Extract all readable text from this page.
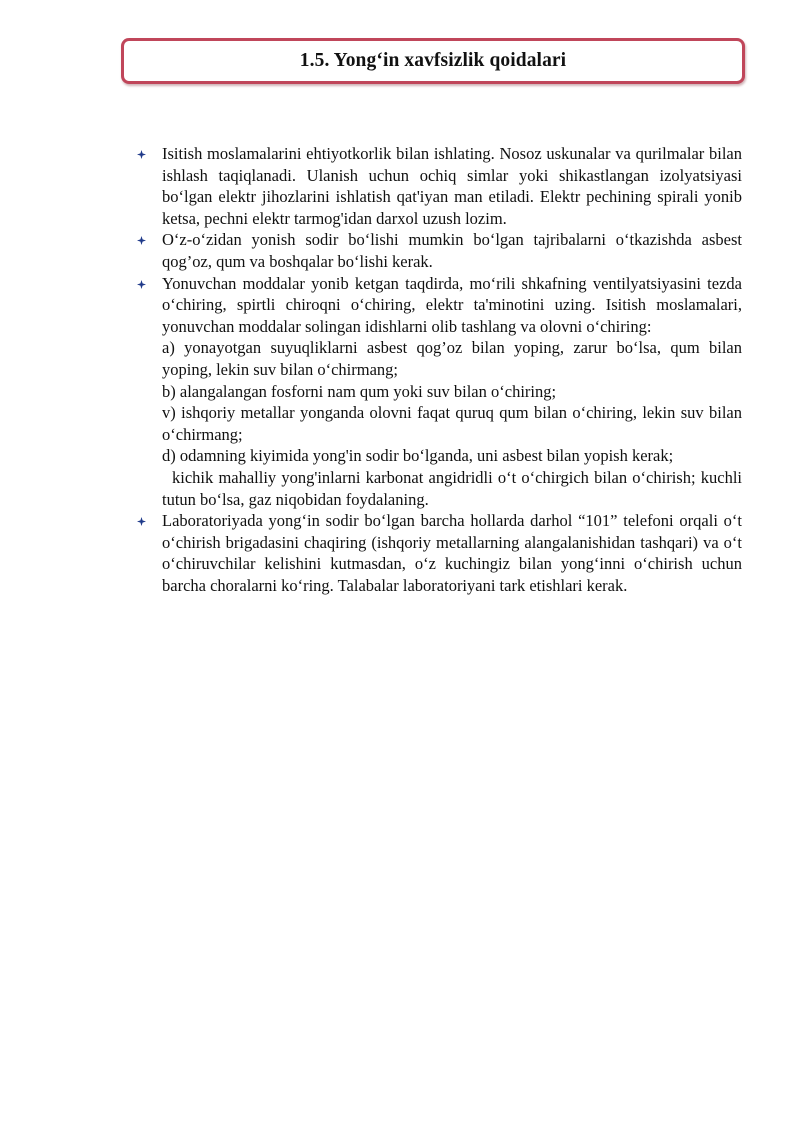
1.5. Yong‘in xavfsizlik qoidalari
Isitish moslamalarini ehtiyotkorlik bilan ishlating. Nosoz uskunalar va qurilmalar bilan ishlash taqiqlanadi. Ulanish uchun ochiq simlar yoki shikastlangan izolyatsiyasi bo‘lgan elektr jihozlarini ishlatish qat'iyan man etiladi. Elektr pechining spirali yonib ketsa, pechni elektr tarmog'idan darxol uzush lozim.
O‘z-o‘zidan yonish sodir bo‘lishi mumkin bo‘lgan tajribalarni o‘tkazishda asbest qog’oz, qum va boshqalar bo‘lishi kerak.
Yonuvchan moddalar yonib ketgan taqdirda, mo‘rili shkafning ventilyatsiyasini tezda o‘chiring, spirtli chiroqni o‘chiring, elektr ta'minotini uzing. Isitish moslamalari, yonuvchan moddalar solingan idishlarni olib tashlang va olovni o‘chiring:
a) yonayotgan suyuqliklarni asbest qog’oz bilan yoping, zarur bo‘lsa, qum bilan yoping, lekin suv bilan o‘chirmang;
b) alangalangan fosforni nam qum yoki suv bilan o‘chiring;
v) ishqoriy metallar yonganda olovni faqat quruq qum bilan o‘chiring, lekin suv bilan o‘chirmang;
d) odamning kiyimida yong'in sodir bo‘lganda, uni asbest bilan yopish kerak;
kichik mahalliy yong'inlarni karbonat angidridli o‘t o‘chirgich bilan o‘chirish; kuchli tutun bo‘lsa, gaz niqobidan foydalaning.
Laboratoriyada yong‘in sodir bo‘lgan barcha hollarda darhol “101” telefoni orqali o‘t o‘chirish brigadasini chaqiring (ishqoriy metallarning alangalanishidan tashqari) va o‘t o‘chiruvchilar kelishini kutmasdan, o‘z kuchingiz bilan yong‘inni o‘chirish uchun barcha choralarni ko‘ring. Talabalar laboratoriyani tark etishlari kerak.
